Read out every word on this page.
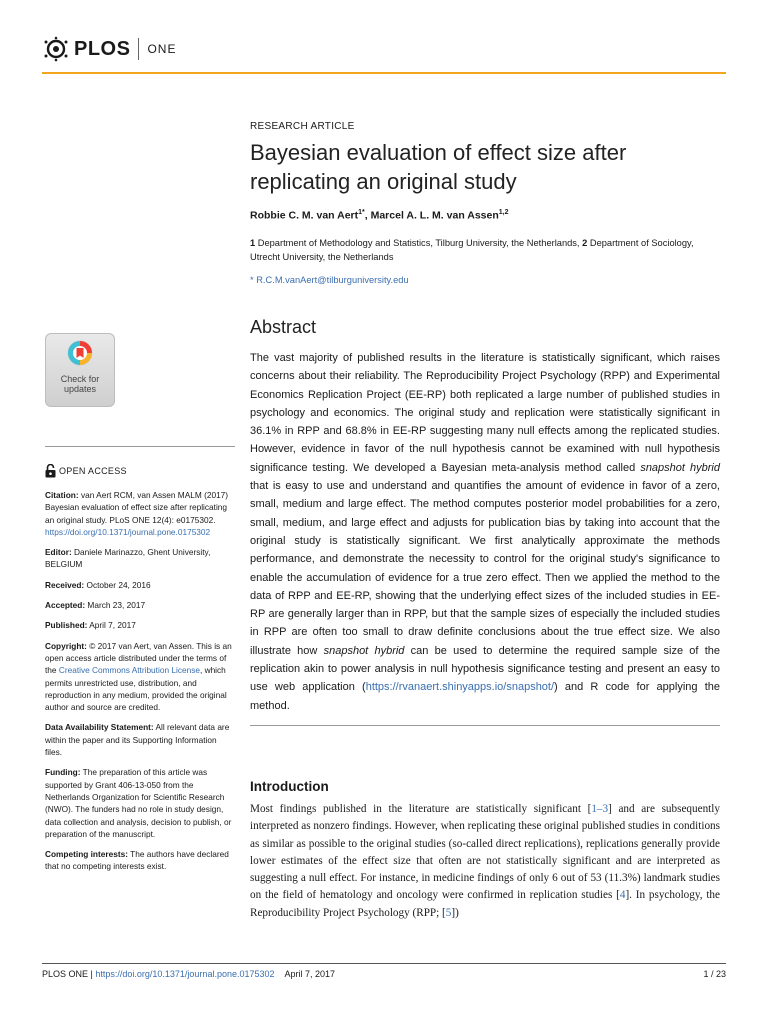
PLOS ONE
RESEARCH ARTICLE
Bayesian evaluation of effect size after replicating an original study
Robbie C. M. van Aert$^{1*}$, Marcel A. L. M. van Assen$^{1,2}$
1 Department of Methodology and Statistics, Tilburg University, the Netherlands, 2 Department of Sociology, Utrecht University, the Netherlands
* R.C.M.vanAert@tilburguniversity.edu
Abstract
The vast majority of published results in the literature is statistically significant, which raises concerns about their reliability. The Reproducibility Project Psychology (RPP) and Experimental Economics Replication Project (EE-RP) both replicated a large number of published studies in psychology and economics. The original study and replication were statistically significant in 36.1% in RPP and 68.8% in EE-RP suggesting many null effects among the replicated studies. However, evidence in favor of the null hypothesis cannot be examined with null hypothesis significance testing. We developed a Bayesian meta-analysis method called snapshot hybrid that is easy to use and understand and quantifies the amount of evidence in favor of a zero, small, medium and large effect. The method computes posterior model probabilities for a zero, small, medium, and large effect and adjusts for publication bias by taking into account that the original study is statistically significant. We first analytically approximate the methods performance, and demonstrate the necessity to control for the original study's significance to enable the accumulation of evidence for a true zero effect. Then we applied the method to the data of RPP and EE-RP, showing that the underlying effect sizes of the included studies in EE-RP are generally larger than in RPP, but that the sample sizes of especially the included studies in RPP are often too small to draw definite conclusions about the true effect size. We also illustrate how snapshot hybrid can be used to determine the required sample size of the replication akin to power analysis in null hypothesis significance testing and present an easy to use web application (https://rvanaert.shinyapps.io/snapshot/) and R code for applying the method.
Introduction
Most findings published in the literature are statistically significant [1–3] and are subsequently interpreted as nonzero findings. However, when replicating these original published studies in conditions as similar as possible to the original studies (so-called direct replications), replications generally provide lower estimates of the effect size that often are not statistically significant and are interpreted as suggesting a null effect. For instance, in medicine findings of only 6 out of 53 (11.3%) landmark studies on the field of hematology and oncology were confirmed in replication studies [4]. In psychology, the Reproducibility Project Psychology (RPP; [5])
Check for
updates
OPEN ACCESS

Citation: van Aert RCM, van Assen MALM (2017) Bayesian evaluation of effect size after replicating an original study. PLoS ONE 12(4): e0175302. https://doi.org/10.1371/journal.pone.0175302

Editor: Daniele Marinazzo, Ghent University, BELGIUM

Received: October 24, 2016

Accepted: March 23, 2017

Published: April 7, 2017

Copyright: © 2017 van Aert, van Assen. This is an open access article distributed under the terms of the Creative Commons Attribution License, which permits unrestricted use, distribution, and reproduction in any medium, provided the original author and source are credited.

Data Availability Statement: All relevant data are within the paper and its Supporting Information files.

Funding: The preparation of this article was supported by Grant 406-13-050 from the Netherlands Organization for Scientific Research (NWO). The funders had no role in study design, data collection and analysis, decision to publish, or preparation of the manuscript.

Competing interests: The authors have declared that no competing interests exist.

PLOS ONE | https://doi.org/10.1371/journal.pone.0175302
April 7, 2017	1 / 23
